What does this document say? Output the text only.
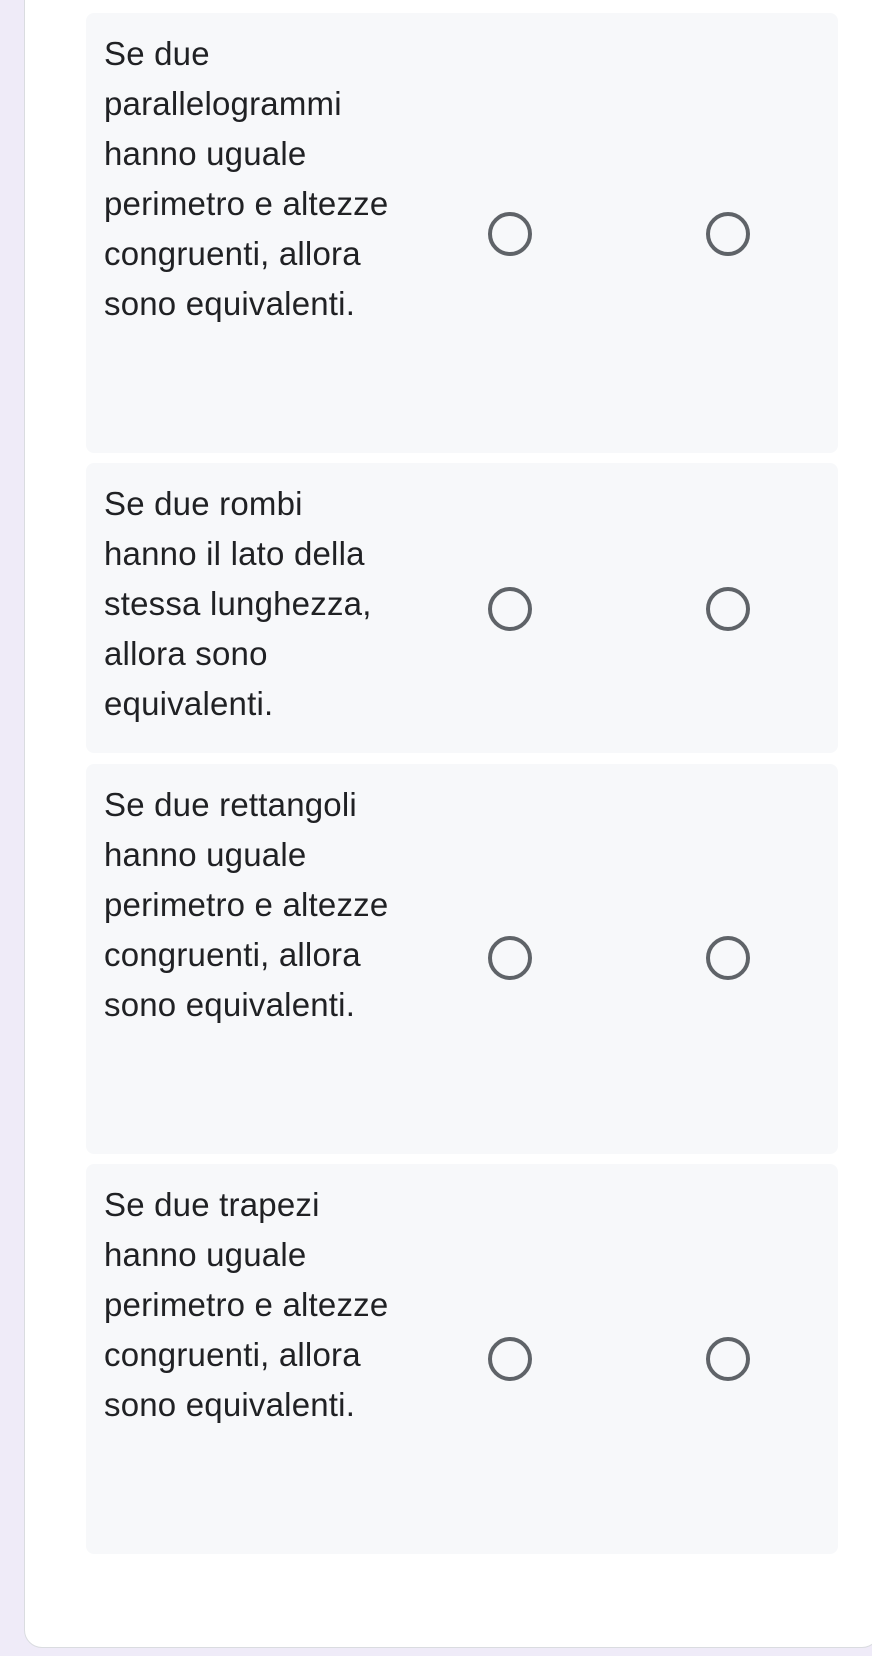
Se due parallelogrammi hanno uguale perimetro e altezze congruenti, allora sono equivalenti.
Se due rombi hanno il lato della stessa lunghezza, allora sono equivalenti.
Se due rettangoli hanno uguale perimetro e altezze congruenti, allora sono equivalenti.
Se due trapezi hanno uguale perimetro e altezze congruenti, allora sono equivalenti.
